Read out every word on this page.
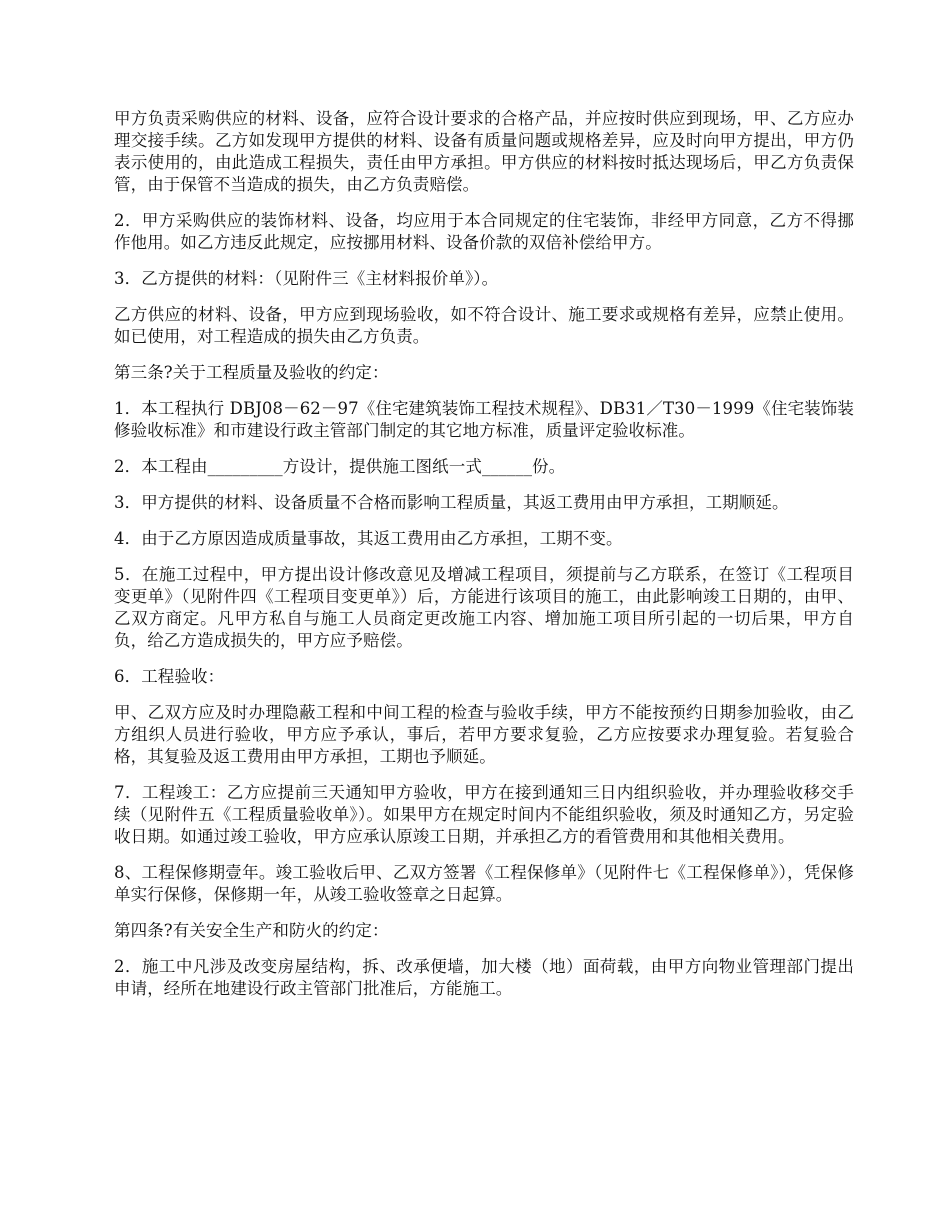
甲方负责采购供应的材料、设备，应符合设计要求的合格产品，并应按时供应到现场，甲、乙方应办理交接手续。乙方如发现甲方提供的材料、设备有质量问题或规格差异，应及时向甲方提出，甲方仍表示使用的，由此造成工程损失，责任由甲方承担。甲方供应的材料按时抵达现场后，甲乙方负责保管，由于保管不当造成的损失，由乙方负责赔偿。

2．甲方采购供应的装饰材料、设备，均应用于本合同规定的住宅装饰，非经甲方同意，乙方不得挪作他用。如乙方违反此规定，应按挪用材料、设备价款的双倍补偿给甲方。

3．乙方提供的材料：（见附件三《主材料报价单》）。

乙方供应的材料、设备，甲方应到现场验收，如不符合设计、施工要求或规格有差异，应禁止使用。如已使用，对工程造成的损失由乙方负责。

第三条?关于工程质量及验收的约定：

1．本工程执行 DBJ08－62－97《住宅建筑装饰工程技术规程》、DB31／T30－1999《住宅装饰装修验收标准》和市建设行政主管部门制定的其它地方标准，质量评定验收标准。

2．本工程由_________方设计，提供施工图纸一式______份。

3．甲方提供的材料、设备质量不合格而影响工程质量，其返工费用由甲方承担，工期顺延。

4．由于乙方原因造成质量事故，其返工费用由乙方承担，工期不变。

5．在施工过程中，甲方提出设计修改意见及增减工程项目，须提前与乙方联系，在签订《工程项目变更单》（见附件四《工程项目变更单》）后，方能进行该项目的施工，由此影响竣工日期的，由甲、乙双方商定。凡甲方私自与施工人员商定更改施工内容、增加施工项目所引起的一切后果，甲方自负，给乙方造成损失的，甲方应予赔偿。

6．工程验收：

甲、乙双方应及时办理隐蔽工程和中间工程的检查与验收手续，甲方不能按预约日期参加验收，由乙方组织人员进行验收，甲方应予承认，事后，若甲方要求复验，乙方应按要求办理复验。若复验合格，其复验及返工费用由甲方承担，工期也予顺延。

7．工程竣工：乙方应提前三天通知甲方验收，甲方在接到通知三日内组织验收，并办理验收移交手续（见附件五《工程质量验收单》）。如果甲方在规定时间内不能组织验收，须及时通知乙方，另定验收日期。如通过竣工验收，甲方应承认原竣工日期，并承担乙方的看管费用和其他相关费用。

8、工程保修期壹年。竣工验收后甲、乙双方签署《工程保修单》（见附件七《工程保修单》），凭保修单实行保修，保修期一年，从竣工验收签章之日起算。

第四条?有关安全生产和防火的约定：

2．施工中凡涉及改变房屋结构，拆、改承便墙，加大楼（地）面荷载，由甲方向物业管理部门提出申请，经所在地建设行政主管部门批准后，方能施工。
